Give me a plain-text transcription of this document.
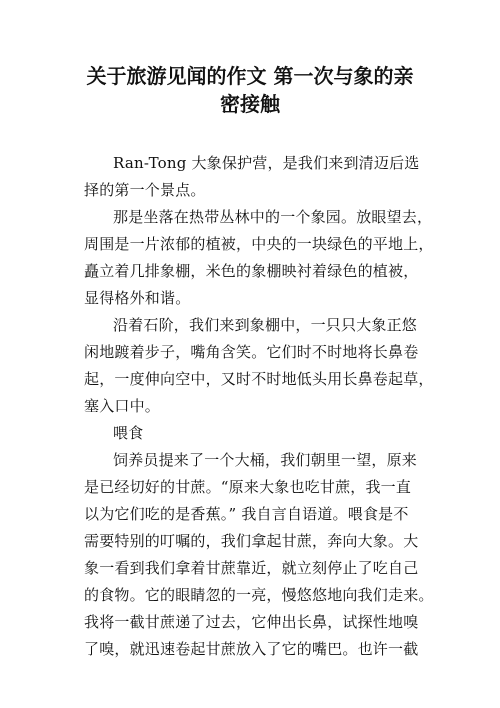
关于旅游见闻的作文 第一次与象的亲
密接触
Ran-Tong 大象保护营，是我们来到清迈后选
择的第一个景点。
那是坐落在热带丛林中的一个象园。放眼望去，
周围是一片浓郁的植被，中央的一块绿色的平地上，
矗立着几排象棚，米色的象棚映衬着绿色的植被，
显得格外和谐。
沿着石阶，我们来到象棚中，一只只大象正悠
闲地踱着步子，嘴角含笑。它们时不时地将长鼻卷
起，一度伸向空中，又时不时地低头用长鼻卷起草，
塞入口中。
喂食
饲养员提来了一个大桶，我们朝里一望，原来
是已经切好的甘蔗。“原来大象也吃甘蔗，我一直
以为它们吃的是香蕉。” 我自言自语道。喂食是不
需要特别的叮嘱的，我们拿起甘蔗，奔向大象。大
象一看到我们拿着甘蔗靠近，就立刻停止了吃自己
的食物。它的眼睛忽的一亮，慢悠悠地向我们走来。
我将一截甘蔗递了过去，它伸出长鼻，试探性地嗅
了嗅，就迅速卷起甘蔗放入了它的嘴巴。也许一截
